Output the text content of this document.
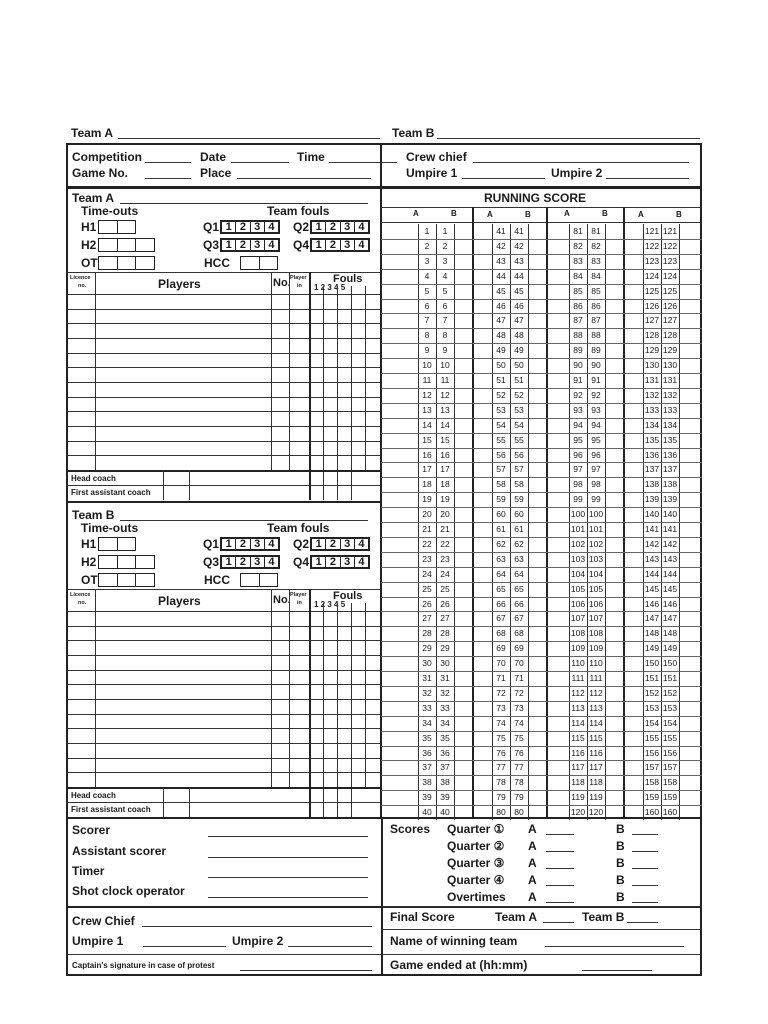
Team A	Team B
Competition	Date	Time	Crew chief
Game No.	Place	Umpire 1	Umpire 2
Team A
Time-outs	Team fouls
H1
H2
OT
Q1 1 2 3 4 Q2 1 2 3 4
Q3 1 2 3 4 Q4 1 2 3 4
HCC
Licence
no.	Players	No. Player
in
Fouls
1 2 3 4 5
Head coach
First assistant coach
Team B
Time-outs	Team fouls
H1
H2
OT
Q1 1 2 3 4 Q2 1 2 3 4
Q3 1 2 3 4 Q4 1 2 3 4
HCC
Licence
no.	Players	No. Player
in
Fouls
1 2 3 4 5
Head coach
First assistant coach
RUNNING SCORE
A	B
1	1
2	2
3	3
4	4
5	5
6	6
7	7
8	8
9	9
10	10
11	11
12	12
13	13
14	14
15	15
16	16
17	17
18	18
19	19
20	20
21	21
22	22
23	23
24	24
25	25
26	26
27	27
28	28
29	29
30	30
31	31
32	32
33	33
34	34
35	35
36	36
37	37
38	38
39	39
40	40
A	B
41	41
42	42
43	43
44	44
45	45
46	46
47	47
48	48
49	49
50	50
51	51
52	52
53	53
54	54
55	55
56	56
57	57
58	58
59	59
60	60
61	61
62	62
63	63
64	64
65	65
66	66
67	67
68	68
69	69
70	70
71	71
72	72
73	73
74	74
75	75
76	76
77	77
78	78
79	79
80	80
A	B
81	81
82	82
83	83
84	84
85	85
86	86
87	87
88	88
89	89
90	90
91	91
92	92
93	93
94	94
95	95
96	96
97	97
98	98
99	99
100 100
101 101
102 102
103 103
104 104
105 105
106 106
107 107
108 108
109 109
110 110
111 111
112 112
113 113
114 114
115 115
116 116
117 117
118 118
119 119
120 120
A	B
121 121
122 122
123 123
124 124
125 125
126 126
127 127
128 128
129 129
130 130
131 131
132 132
133 133
134 134
135 135
136 136
137 137
138 138
139 139
140 140
141 141
142 142
143 143
144 144
145 145
146 146
147 147
148 148
149 149
150 150
151 151
152 152
153 153
154 154
155 155
156 156
157 157
158 158
159 159
160 160
Scorer
Assistant scorer
Timer
Shot clock operator
Crew Chief
Umpire 1	Umpire 2
Captain's signature in case of protest
Scores Quarter ① A	B
Quarter ② A	B
Quarter ③ A	B
Quarter ④ A	B
Overtimes A	B
Final Score	Team A	Team B
Name of winning team
Game ended at (hh:mm)
